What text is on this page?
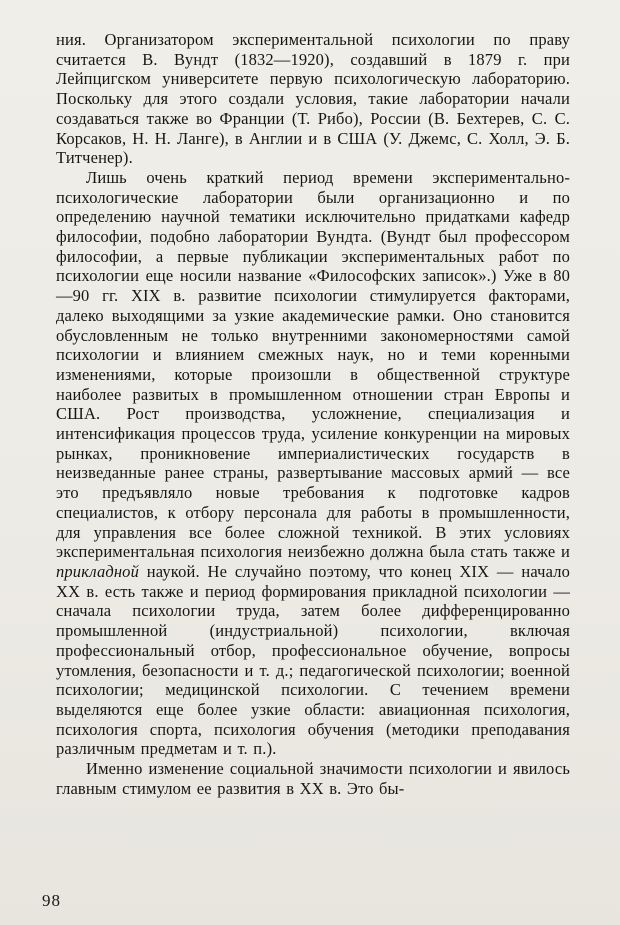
ния. Организатором экспериментальной психологии по праву считается В. Вундт (1832—1920), создавший в 1879 г. при Лейпцигском университете первую психологическую лабораторию. Поскольку для этого создали условия, такие лаборатории начали создаваться также во Франции (Т. Рибо), России (В. Бехтерев, С. С. Корсаков, Н. Н. Ланге), в Англии и в США (У. Джемс, С. Холл, Э. Б. Титченер).

Лишь очень краткий период времени экспериментально-психологические лаборатории были организационно и по определению научной тематики исключительно придатками кафедр философии, подобно лаборатории Вундта. (Вундт был профессором философии, а первые публикации экспериментальных работ по психологии еще носили название «Философских записок».) Уже в 80—90 гг. XIX в. развитие психологии стимулируется факторами, далеко выходящими за узкие академические рамки. Оно становится обусловленным не только внутренними закономерностями самой психологии и влиянием смежных наук, но и теми коренными изменениями, которые произошли в общественной структуре наиболее развитых в промышленном отношении стран Европы и США. Рост производства, усложнение, специализация и интенсификация процессов труда, усиление конкуренции на мировых рынках, проникновение империалистических государств в неизведанные ранее страны, развертывание массовых армий — все это предъявляло новые требования к подготовке кадров специалистов, к отбору персонала для работы в промышленности, для управления все более сложной техникой. В этих условиях экспериментальная психология неизбежно должна была стать также и прикладной наукой. Не случайно поэтому, что конец XIX — начало XX в. есть также и период формирования прикладной психологии — сначала психологии труда, затем более дифференцированно промышленной (индустриальной) психологии, включая профессиональный отбор, профессиональное обучение, вопросы утомления, безопасности и т. д.; педагогической психологии; военной психологии; медицинской психологии. С течением времени выделяются еще более узкие области: авиационная психология, психология спорта, психология обучения (методики преподавания различным предметам и т. п.).

Именно изменение социальной значимости психологии и явилось главным стимулом ее развития в XX в. Это бы-

98
